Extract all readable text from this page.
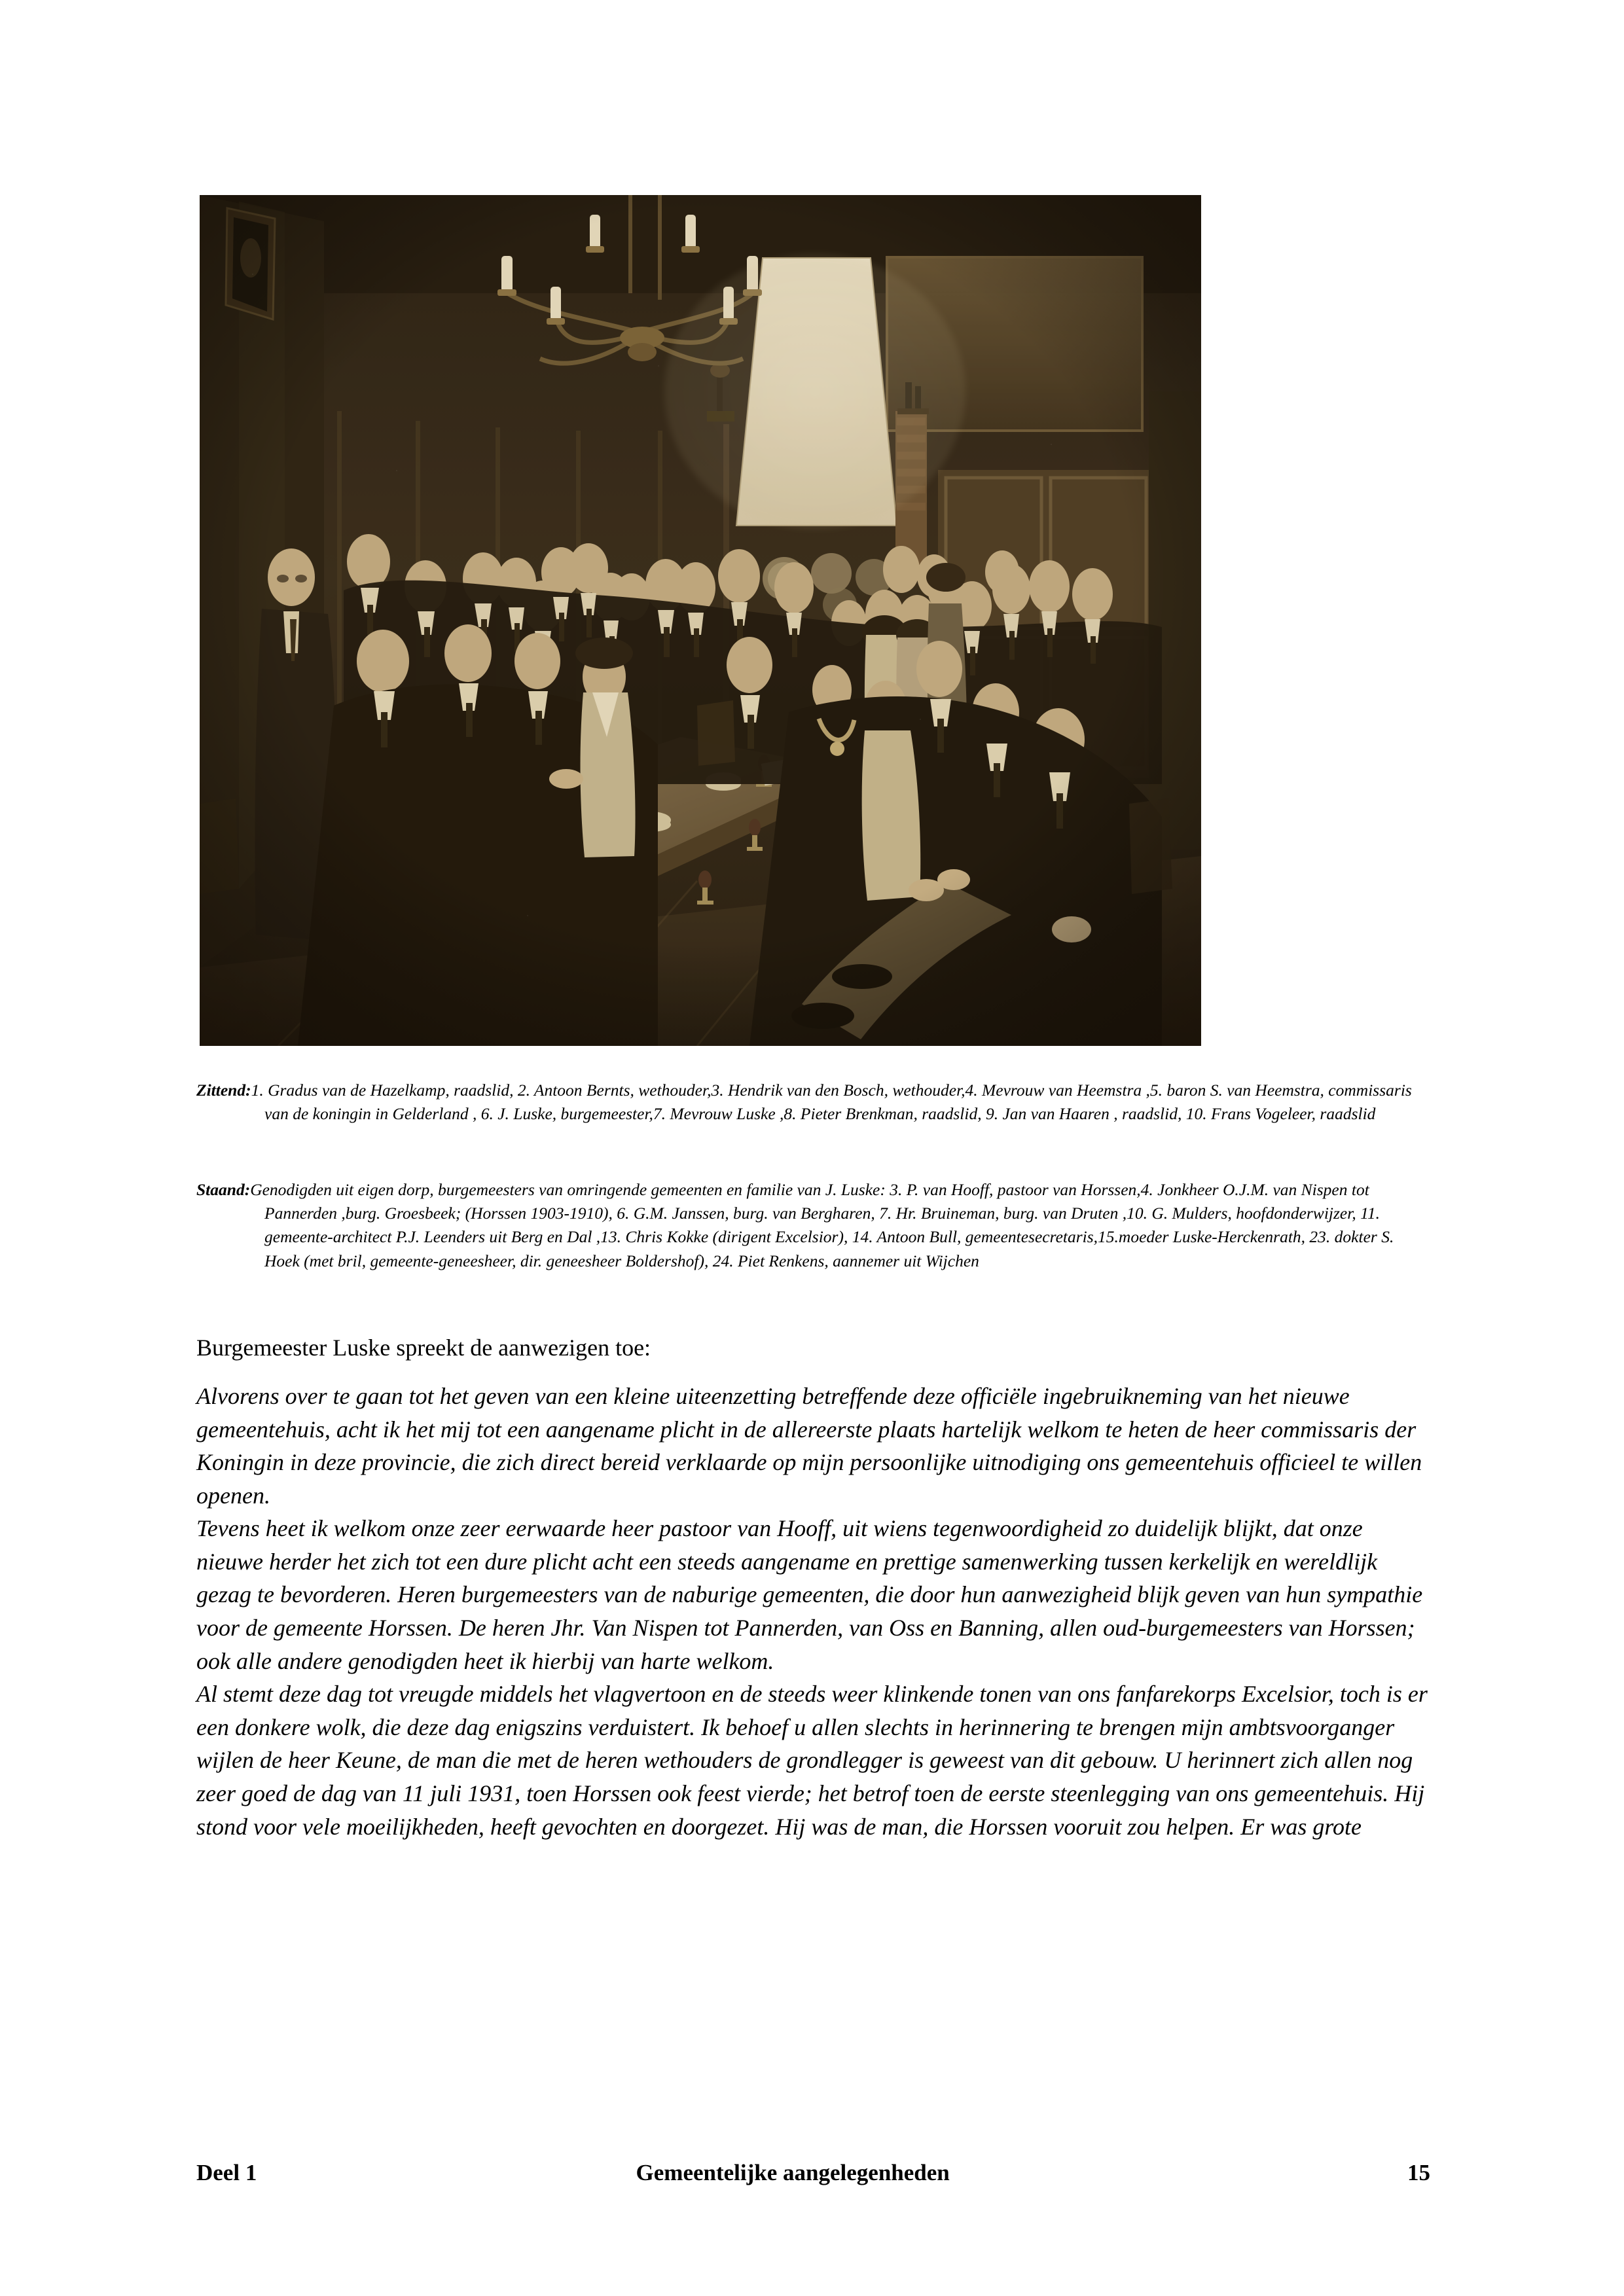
Zittend:1. Gradus van de Hazelkamp, raadslid, 2. Antoon Bernts, wethouder,3. Hendrik van den Bosch, wethouder,4. Mevrouw van Heemstra ,5. baron S. van Heemstra, commissaris van de koningin in Gelderland , 6. J. Luske, burgemeester,7. Mevrouw Luske ,8. Pieter Brenkman, raadslid, 9. Jan van Haaren , raadslid, 10. Frans Vogeleer, raadslid
Staand:Genodigden uit eigen dorp, burgemeesters van omringende gemeenten en familie van J. Luske: 3. P. van Hooff, pastoor van Horssen,4. Jonkheer O.J.M. van Nispen tot Pannerden ,burg. Groesbeek; (Horssen 1903-1910), 6. G.M. Janssen, burg. van Bergharen, 7. Hr. Bruineman, burg. van Druten ,10. G. Mulders, hoofdonderwijzer, 11. gemeente-architect P.J. Leenders uit Berg en Dal ,13. Chris Kokke (dirigent Excelsior), 14. Antoon Bull, gemeentesecretaris,15.moeder Luske-Herckenrath, 23. dokter S. Hoek (met bril, gemeente-geneesheer, dir. geneesheer Boldershof), 24. Piet Renkens, aannemer uit Wijchen
Burgemeester Luske spreekt de aanwezigen toe:

Alvorens over te gaan tot het geven van een kleine uiteenzetting betreffende deze officiële ingebruikneming van het nieuwe gemeentehuis, acht ik het mij tot een aangename plicht in de allereerste plaats hartelijk welkom te heten de heer commissaris der Koningin in deze provincie, die zich direct bereid verklaarde op mijn persoonlijke uitnodiging ons gemeentehuis officieel te willen openen.

Tevens heet ik welkom onze zeer eerwaarde heer pastoor van Hooff, uit wiens tegenwoordigheid zo duidelijk blijkt, dat onze nieuwe herder het zich tot een dure plicht acht een steeds aangename en prettige samenwerking tussen kerkelijk en wereldlijk gezag te bevorderen. Heren burgemeesters van de naburige gemeenten, die door hun aanwezigheid blijk geven van hun sympathie voor de gemeente Horssen. De heren Jhr. Van Nispen tot Pannerden, van Oss en Banning, allen oud-burgemeesters van Horssen; ook alle andere genodigden heet ik hierbij van harte welkom.

Al stemt deze dag tot vreugde middels het vlagvertoon en de steeds weer klinkende tonen van ons fanfarekorps Excelsior, toch is er een donkere wolk, die deze dag enigszins verduistert. Ik behoef u allen slechts in herinnering te brengen mijn ambtsvoorganger wijlen de heer Keune, de man die met de heren wethouders de grondlegger is geweest van dit gebouw. U herinnert zich allen nog zeer goed de dag van 11 juli 1931, toen Horssen ook feest vierde; het betrof toen de eerste steenlegging van ons gemeentehuis. Hij stond voor vele moeilijkheden, heeft gevochten en doorgezet. Hij was de man, die Horssen vooruit zou helpen. Er was grote

Deel 1	Gemeentelijke aangelegenheden	15
